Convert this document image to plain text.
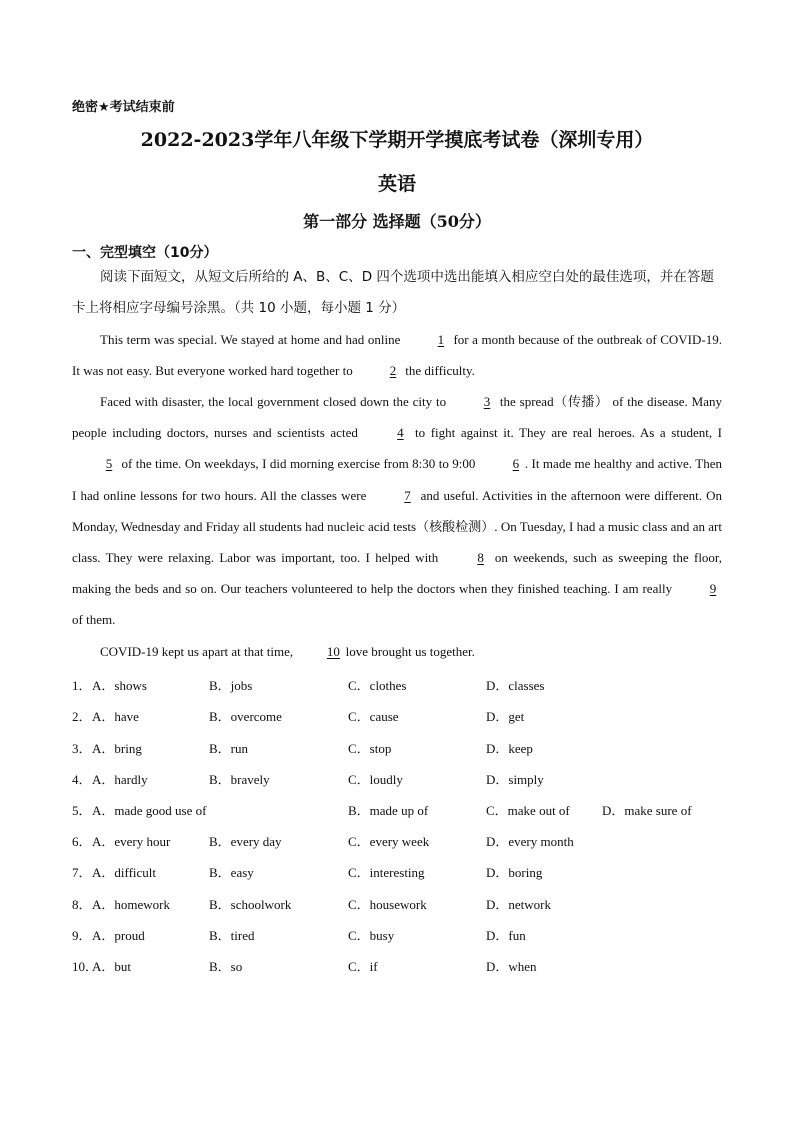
绝密★考试结束前
2022-2023学年八年级下学期开学摸底考试卷（深圳专用）
英语
第一部分 选择题（50分）
一、完型填空（10分）
阅读下面短文，从短文后所给的 A、B、C、D 四个选项中选出能填入相应空白处的最佳选项，并在答题卡上将相应字母编号涂黑。（共 10 小题，每小题 1 分）
This term was special. We stayed at home and had online	1 for a month because of the outbreak of COVID-19. It was not easy. But everyone worked hard together to	2 the difficulty.
Faced with disaster, the local government closed down the city to	3 the spread（传播） of the disease. Many people including doctors, nurses and scientists acted	4 to fight against it. They are real heroes. As a student, I 5 of the time. On weekdays, I did morning exercise from 8:30 to 9:00	6 . It made me healthy and active. Then I had online lessons for two hours. All the classes were	7 and useful. Activities in the afternoon were different. On Monday, Wednesday and Friday all students had nucleic acid tests（核酸检测）. On Tuesday, I had a music class and an art class. They were relaxing. Labor was important, too. I helped with	8 on weekends, such as sweeping the floor, making the beds and so on. Our teachers volunteered to help the doctors when they finished teaching. I am really	9 of them.
COVID-19 kept us apart at that time, 10 love brought us together.
1． A．shows	B．jobs	C．clothes	D．classes
2． A．have	B．overcome	C．cause	D．get
3． A．bring	B．run	C．stop	D．keep
4． A．hardly	B．bravely	C．loudly	D．simply
5． A．made good use of	B．made up of	C．make out of D．make sure of
6． A．every hour	B．every day	C．every week	D．every month
7． A．difficult	B．easy	C．interesting	D．boring
8． A．homework	B．schoolwork	C．housework	D．network
9． A．proud	B．tired	C．busy	D．fun
10．
A．but	B．so	C．if	D．when
